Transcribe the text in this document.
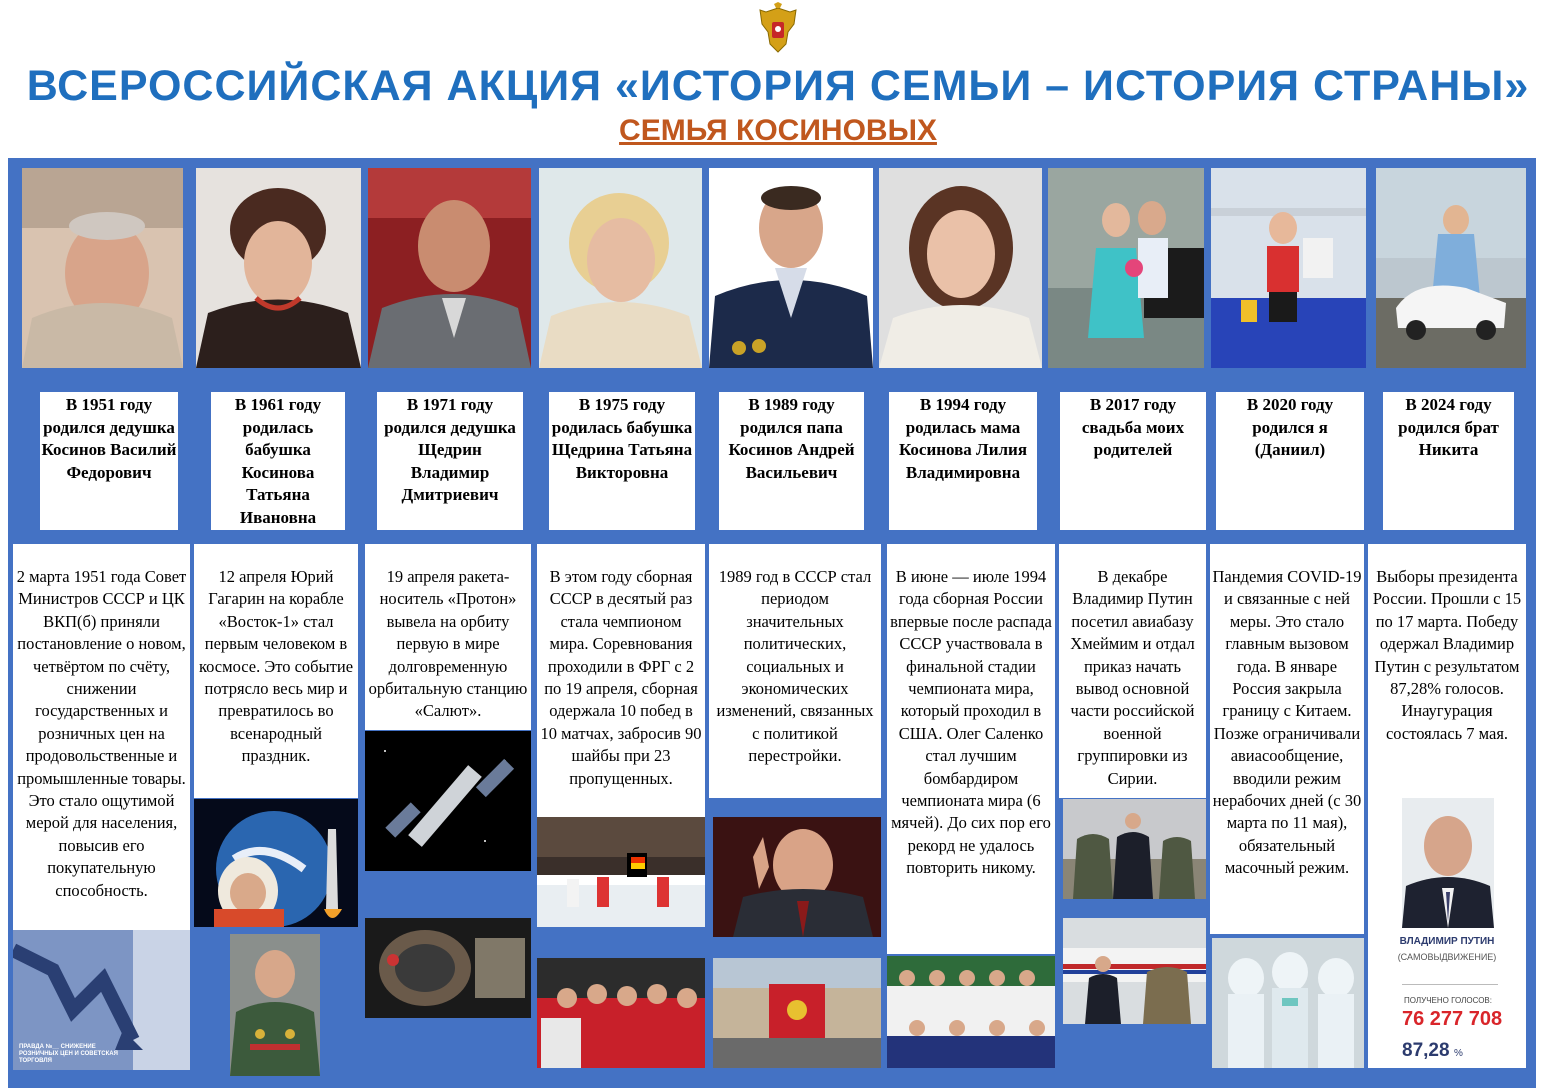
ВСЕРОССИЙСКАЯ АКЦИЯ «ИСТОРИЯ СЕМЬИ – ИСТОРИЯ СТРАНЫ»
СЕМЬЯ КОСИНОВЫХ
В 1951 году родился дедушка Косинов Василий Федорович
В 1961 году родилась бабушка Косинова Татьяна Ивановна
В 1971 году родился дедушка Щедрин Владимир Дмитриевич
В 1975 году родилась бабушка Щедрина Татьяна Викторовна
В 1989 году родился папа Косинов Андрей Васильевич
В 1994 году родилась мама Косинова Лилия Владимировна
В 2017 году свадьба моих родителей
В 2020 году родился я (Даниил)
В 2024 году родился брат Никита
2 марта 1951 года Совет Министров СССР и ЦК ВКП(б) приняли постановление о новом, четвёртом по счёту, снижении государственных и розничных цен на продовольственные и промышленные товары. Это стало ощутимой мерой для населения, повысив его покупательную способность.
12 апреля Юрий Гагарин на корабле «Восток-1» стал первым человеком в космосе. Это событие потрясло весь мир и превратилось во всенародный праздник.
19 апреля ракета-носитель «Протон» вывела на орбиту первую в мире долговременную орбитальную станцию «Салют».
В этом году сборная СССР в десятый раз стала чемпионом мира. Соревнования проходили в ФРГ с 2 по 19 апреля, сборная одержала 10 побед в 10 матчах, забросив 90 шайбы при 23 пропущенных.
1989 год в СССР стал периодом значительных политических, социальных и экономических изменений, связанных с политикой перестройки.
В июне — июле 1994 года сборная России впервые после распада СССР участвовала в финальной стадии чемпионата мира, который проходил в США. Олег Саленко стал лучшим бомбардиром чемпионата мира (6 мячей). До сих пор его рекорд не удалось повторить никому.
В декабре Владимир Путин посетил авиабазу Хмеймим и отдал приказ начать вывод основной части российской военной группировки из Сирии.
Пандемия COVID-19 и связанные с ней меры. Это стало главным вызовом года. В январе Россия закрыла границу с Китаем. Позже ограничивали авиасообщение, вводили режим нерабочих дней (с 30 марта по 11 мая), обязательный масочный режим.
Выборы президента России. Прошли с 15 по 17 марта. Победу одержал Владимир Путин с результатом 87,28% голосов. Инаугурация состоялась 7 мая.
ПРАВДА №__ СНИЖЕНИЕ РОЗНИЧНЫХ ЦЕН И СОВЕТСКАЯ ТОРГОВЛЯ
ВЛАДИМИР ПУТИН
(САМОВЫДВИЖЕНИЕ)
ПОЛУЧЕНО ГОЛОСОВ:
76 277 708
87,28 %
